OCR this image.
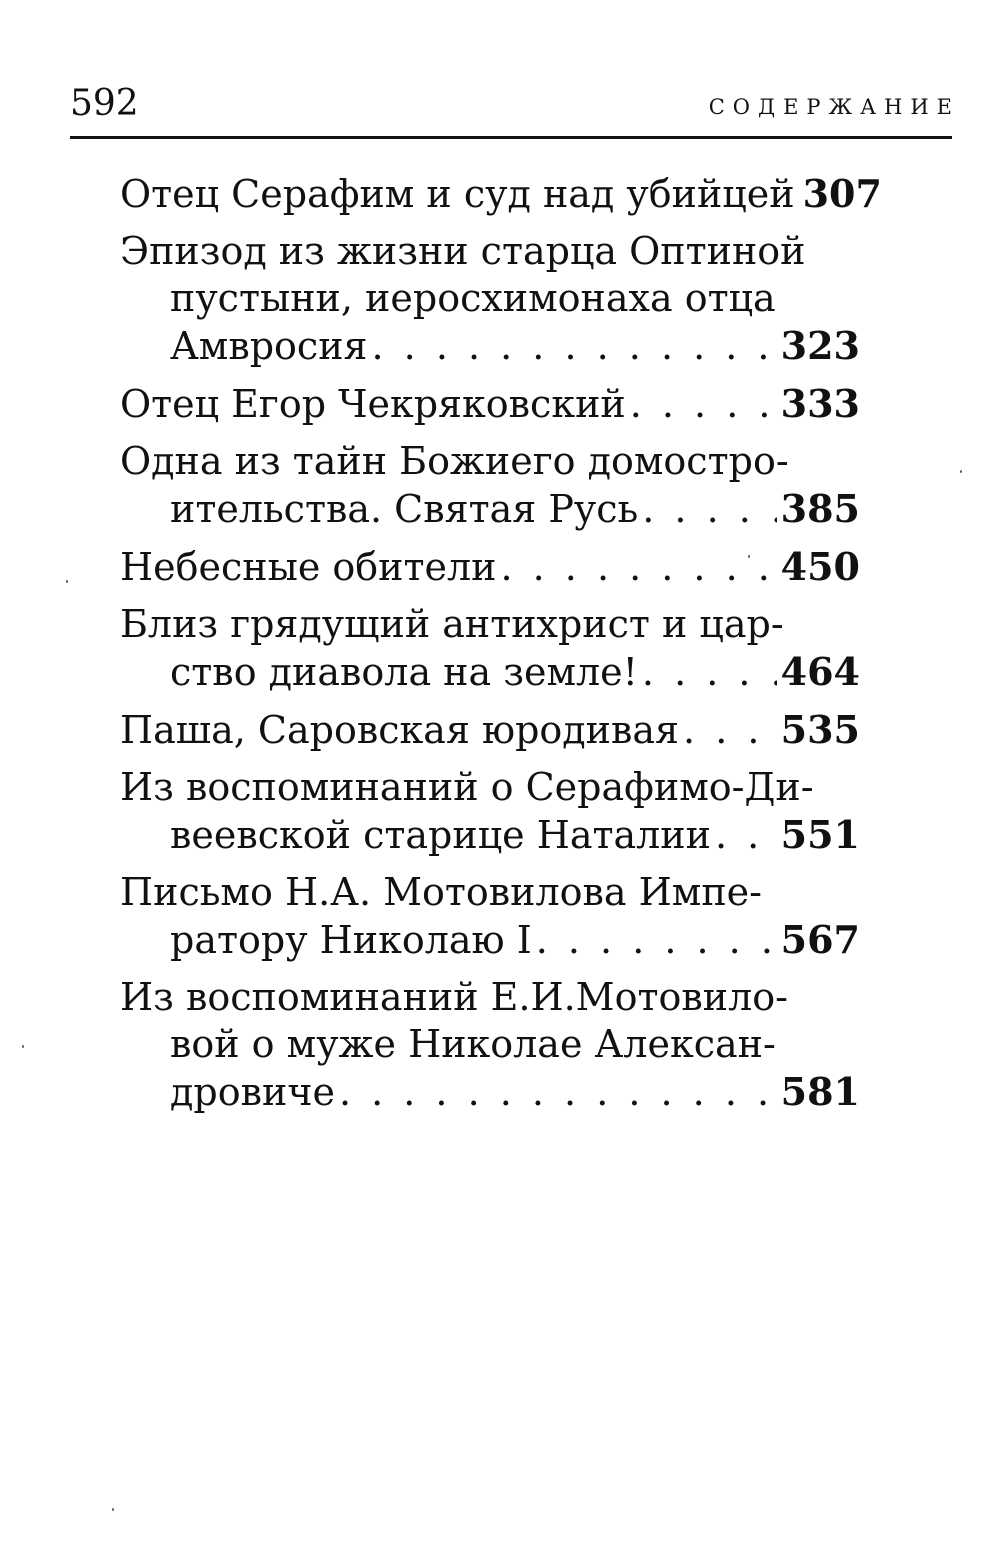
592	СОДЕРЖАНИЕ
Отец Серафим и суд над убийцей 307
Эпизод из жизни старца Оптиной
пустыни, иеросхимонаха отца
Амвросия . . .	323
Отец Егор Чекряковский . . .	333
Одна из тайн Божиего домостро-
ительства. Святая Русь . . .	385
Небесные обители . . .	450
Близ грядущий антихрист и цар-
ство диавола на земле! . . .	464
Паша, Саровская юродивая . . .	535
Из воспоминаний о Серафимо-Ди-
веевской старице Наталии . . . 551
Письмо Н.А. Мотовилова Импе-
ратору Николаю I . . .	567
Из воспоминаний Е.И.Мотовило-
вой о муже Николае Алексан-
дровиче . . .	581
